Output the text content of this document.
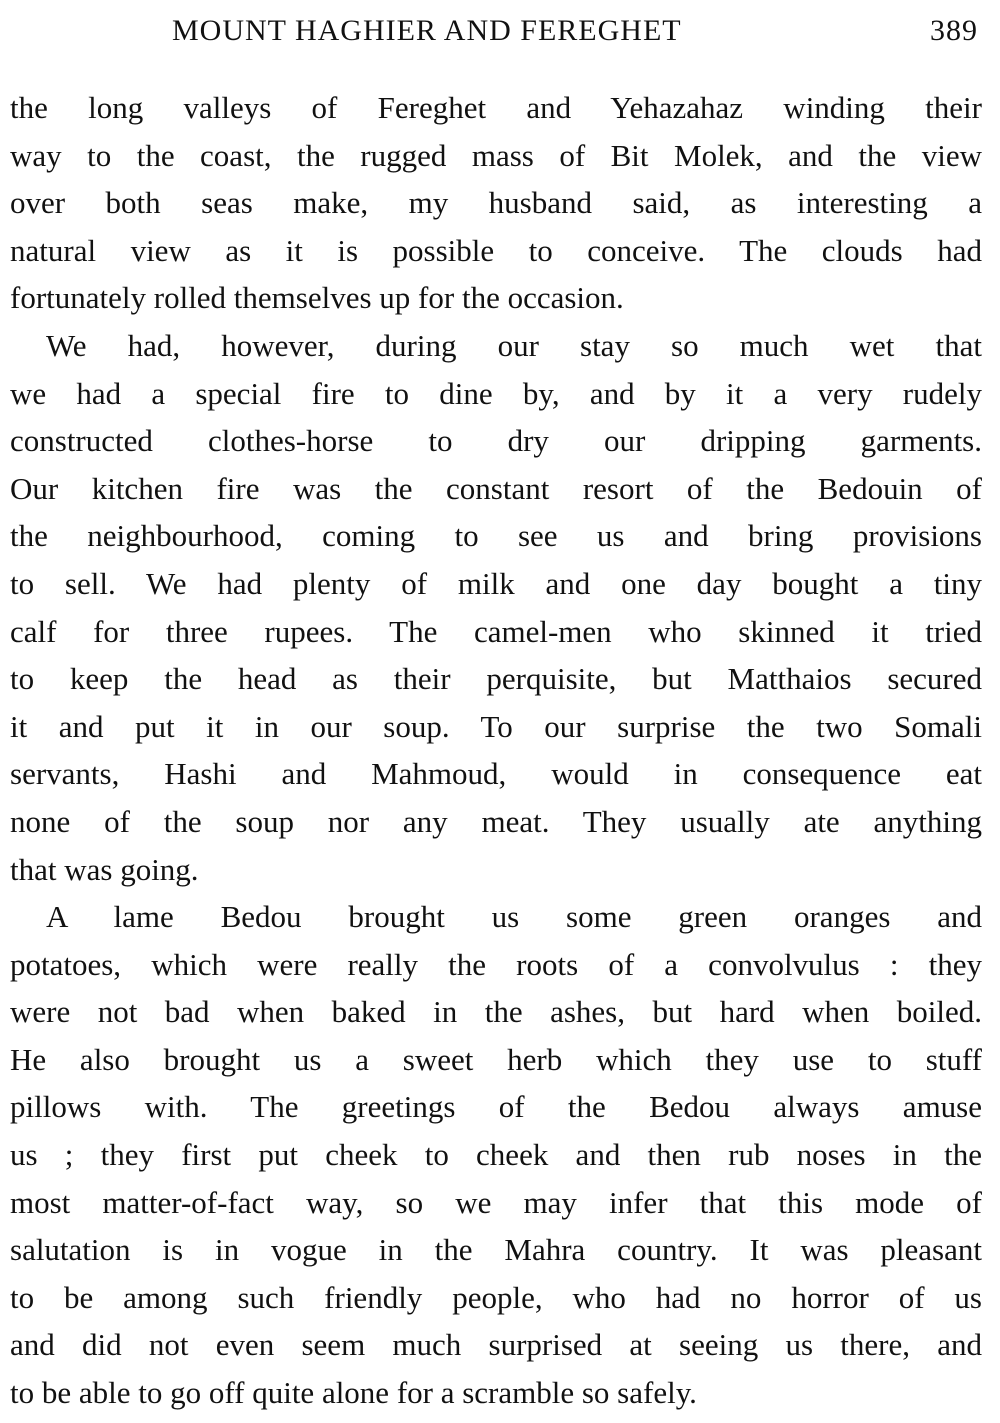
MOUNT HAGHIER AND FEREGHET	389
the long valleys of Fereghet and Yehazahaz winding their
way to the coast, the rugged mass of Bit Molek, and the view
over both seas make, my husband said, as interesting a
natural view as it is possible to conceive. The clouds had
fortunately rolled themselves up for the occasion.
We had, however, during our stay so much wet that
we had a special fire to dine by, and by it a very rudely
constructed clothes-horse to dry our dripping garments.
Our kitchen fire was the constant resort of the Bedouin of
the neighbourhood, coming to see us and bring provisions
to sell. We had plenty of milk and one day bought a tiny
calf for three rupees. The camel-men who skinned it tried
to keep the head as their perquisite, but Matthaios secured
it and put it in our soup. To our surprise the two Somali
servants, Hashi and Mahmoud, would in consequence eat
none of the soup nor any meat. They usually ate anything
that was going.
A lame Bedou brought us some green oranges and
potatoes, which were really the roots of a convolvulus : they
were not bad when baked in the ashes, but hard when boiled.
He also brought us a sweet herb which they use to stuff
pillows with. The greetings of the Bedou always amuse
us ; they first put cheek to cheek and then rub noses in the
most matter-of-fact way, so we may infer that this mode of
salutation is in vogue in the Mahra country. It was pleasant
to be among such friendly people, who had no horror of us
and did not even seem much surprised at seeing us there, and
to be able to go off quite alone for a scramble so safely.
